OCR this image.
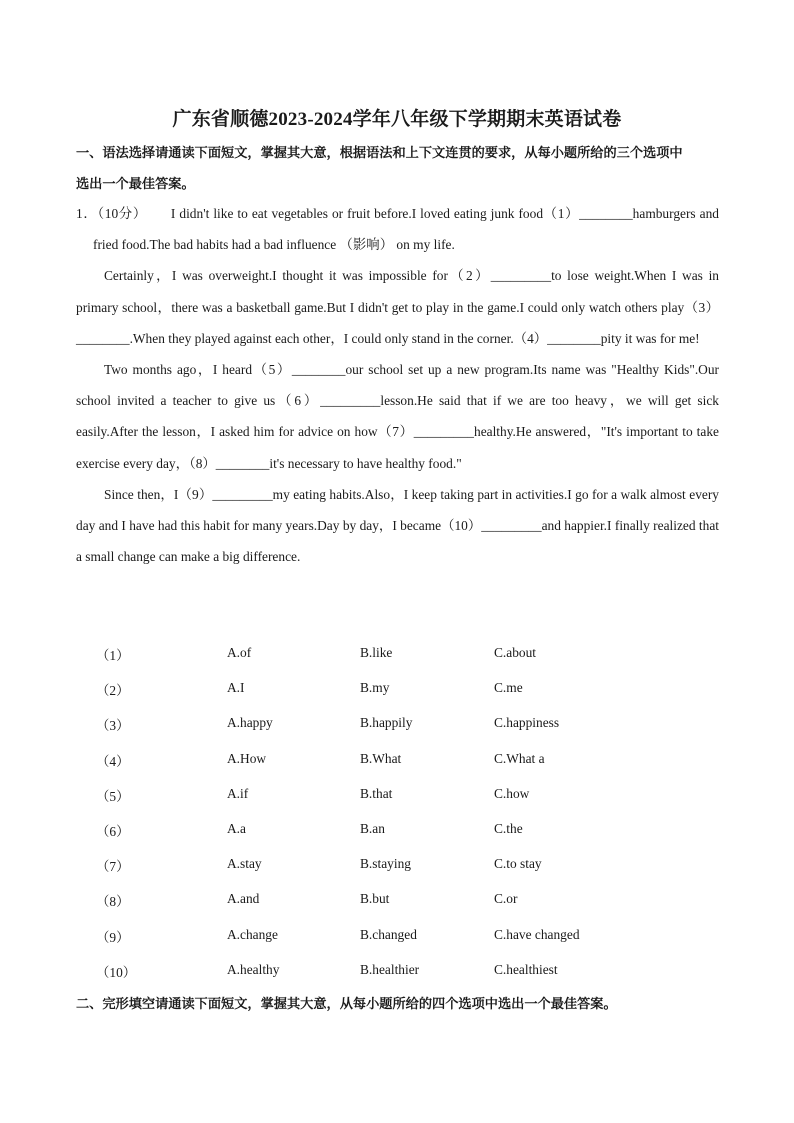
广东省顺德2023-2024学年八年级下学期期末英语试卷
一、语法选择请通读下面短文，掌握其大意，根据语法和上下文连贯的要求，从每小题所给的三个选项中
选出一个最佳答案。

1．（10分） I didn't like to eat vegetables or fruit before.I loved eating junk food（1）________hamburgers and fried food.The bad habits had a bad influence （影响） on my life.

Certainly，I was overweight.I thought it was impossible for（2）_________to lose weight.When I was in primary school，there was a basketball game.But I didn't get to play in the game.I could only watch others play（3）________.When they played against each other，I could only stand in the corner.（4）________pity it was for me!

Two months ago，I heard（5）________our school set up a new program.Its name was "Healthy Kids".Our school invited a teacher to give us（6）_________lesson.He said that if we are too heavy，we will get sick easily.After the lesson，I asked him for advice on how（7）_________healthy.He answered，"It's important to take exercise every day，（8）________it's necessary to have healthy food."

Since then，I（9）_________my eating habits.Also，I keep taking part in activities.I go for a walk almost every day and I have had this habit for many years.Day by day，I became（10）_________and happier.I finally realized that a small change can make a big difference.

（1）	A.of	B.like	C.about
（2）	A.I	B.my	C.me
（3）	A.happy	B.happily	C.happiness
（4）	A.How	B.What	C.What a
（5）	A.if	B.that	C.how
（6）	A.a	B.an	C.the
（7）	A.stay	B.staying	C.to stay
（8）	A.and	B.but	C.or
（9）	A.change	B.changed	C.have changed
（10）	A.healthy	B.healthier	C.healthiest
二、完形填空请通读下面短文，掌握其大意，从每小题所给的四个选项中选出一个最佳答案。
